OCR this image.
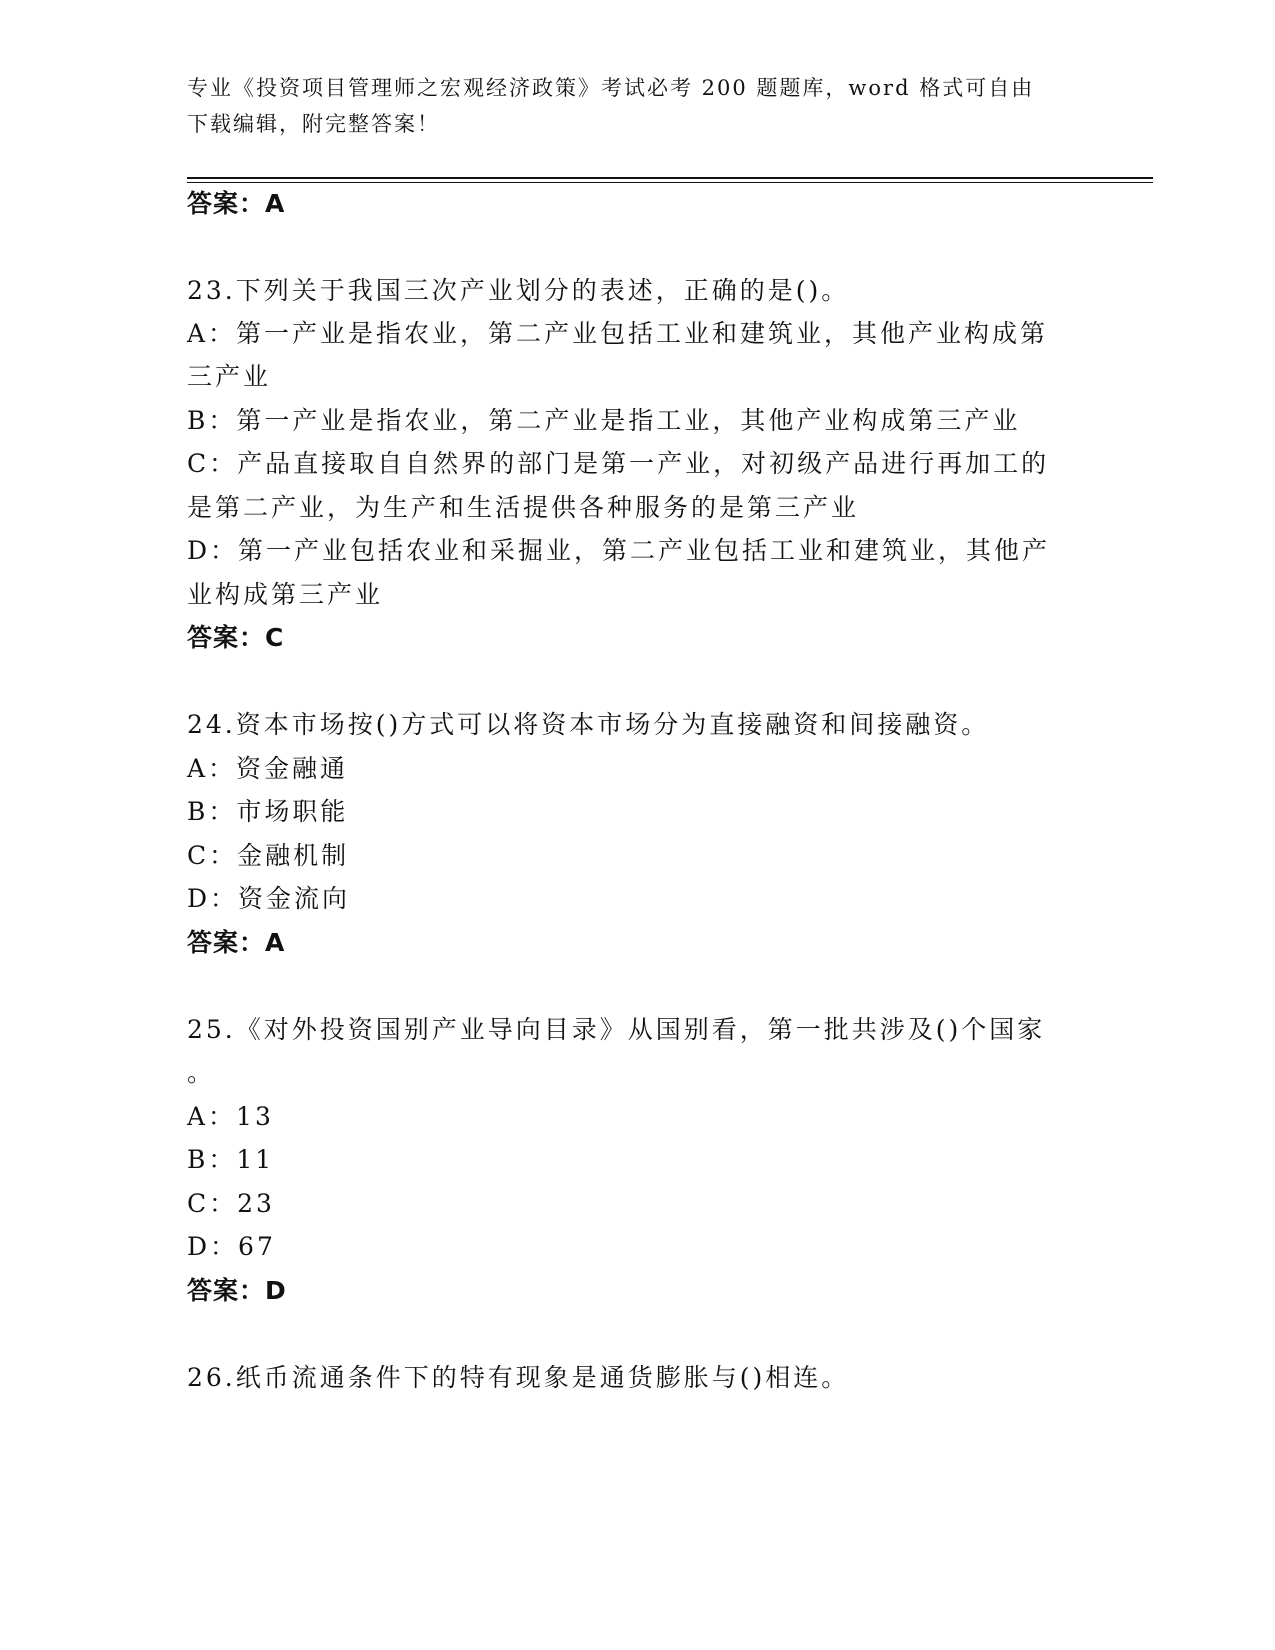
专业《投资项目管理师之宏观经济政策》考试必考 200 题题库，word 格式可自由
下载编辑，附完整答案！
答案：A
23.下列关于我国三次产业划分的表述，正确的是()。
A：第一产业是指农业，第二产业包括工业和建筑业，其他产业构成第
三产业
B：第一产业是指农业，第二产业是指工业，其他产业构成第三产业
C：产品直接取自自然界的部门是第一产业，对初级产品进行再加工的
是第二产业，为生产和生活提供各种服务的是第三产业
D：第一产业包括农业和采掘业，第二产业包括工业和建筑业，其他产
业构成第三产业
答案：C
24.资本市场按()方式可以将资本市场分为直接融资和间接融资。
A：资金融通
B：市场职能
C：金融机制
D：资金流向
答案：A
25.《对外投资国别产业导向目录》从国别看，第一批共涉及()个国家
。
A：13
B：11
C：23
D：67
答案：D
26.纸币流通条件下的特有现象是通货膨胀与()相连。
